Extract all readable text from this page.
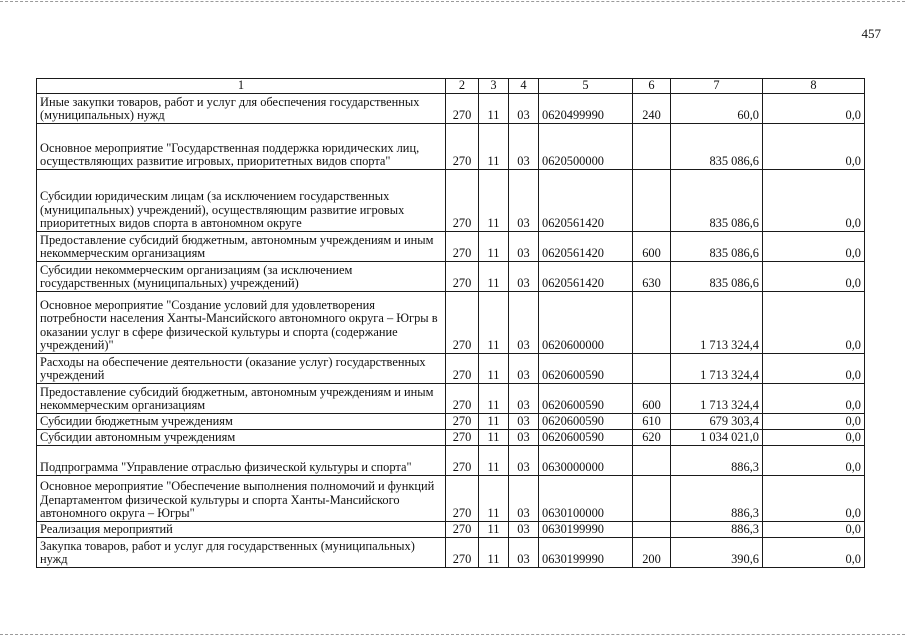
457
1	2	3	4	5	6	7	8
Иные закупки товаров, работ и услуг для обеспечения государственных (муниципальных) нужд	270	11	03	0620499990	240	60,0	0,0
Основное мероприятие "Государственная поддержка юридических лиц, осуществляющих развитие игровых, приоритетных видов спорта"	270	11	03	0620500000		835 086,6	0,0
Субсидии юридическим лицам (за исключением государственных (муниципальных) учреждений), осуществляющим развитие игровых приоритетных видов спорта в автономном округе	270	11	03	0620561420		835 086,6	0,0
Предоставление субсидий бюджетным, автономным учреждениям и иным некоммерческим организациям	270	11	03	0620561420	600	835 086,6	0,0
Субсидии некоммерческим организациям (за исключением государственных (муниципальных) учреждений)	270	11	03	0620561420	630	835 086,6	0,0
Основное мероприятие "Создание условий для удовлетворения потребности населения Ханты-Мансийского автономного округа – Югры в оказании услуг в сфере физической культуры и спорта (содержание учреждений)"	270	11	03	0620600000		1 713 324,4	0,0
Расходы на обеспечение деятельности (оказание услуг) государственных учреждений	270	11	03	0620600590		1 713 324,4	0,0
Предоставление субсидий бюджетным, автономным учреждениям и иным некоммерческим организациям	270	11	03	0620600590	600	1 713 324,4	0,0
Субсидии бюджетным учреждениям	270	11	03	0620600590	610	679 303,4	0,0
Субсидии автономным учреждениям	270	11	03	0620600590	620	1 034 021,0	0,0
Подпрограмма "Управление отраслью физической культуры и спорта"	270	11	03	0630000000		886,3	0,0
Основное мероприятие "Обеспечение выполнения полномочий и функций Департаментом физической культуры и спорта Ханты-Мансийского автономного округа – Югры"	270	11	03	0630100000		886,3	0,0
Реализация мероприятий	270	11	03	0630199990		886,3	0,0
Закупка товаров, работ и услуг для государственных (муниципальных) нужд	270	11	03	0630199990	200	390,6	0,0
